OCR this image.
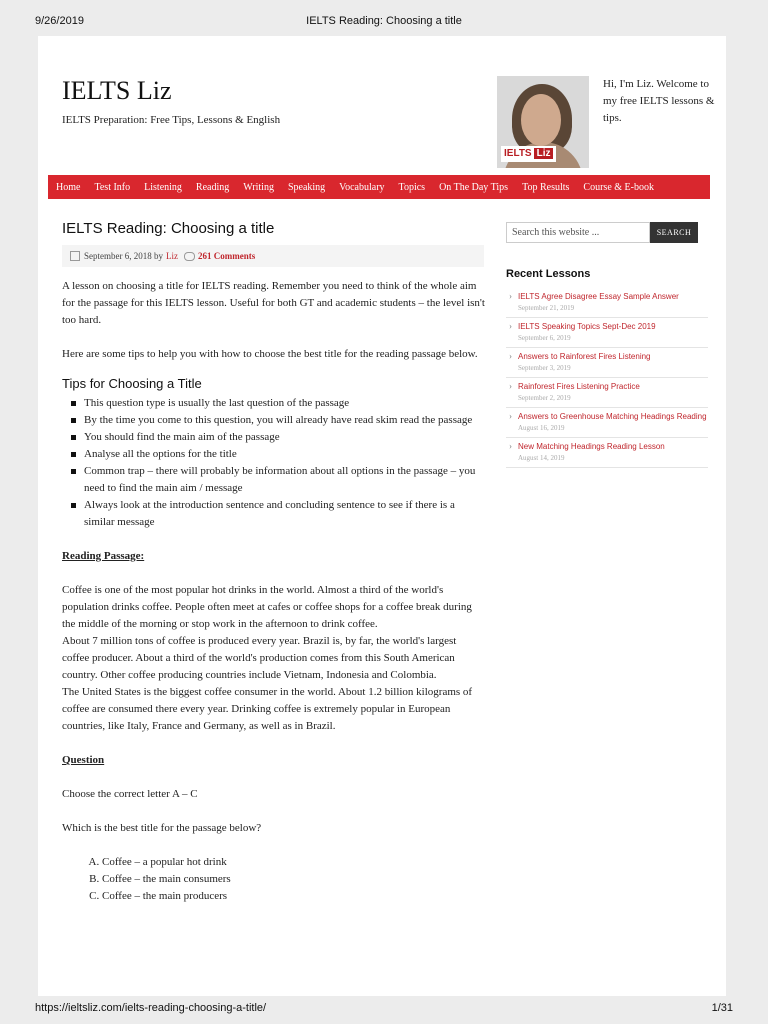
9/26/2019	IELTS Reading: Choosing a title
IELTS Liz
IELTS Preparation: Free Tips, Lessons & English
IELTS Liz
Hi, I'm Liz. Welcome to my free IELTS lessons & tips.
Home	Test Info	Listening	Reading	Writing	Speaking	Vocabulary	Topics	On The Day Tips	Top Results	Course & E-book
IELTS Reading: Choosing a title
September 6, 2018 by Liz 261 Comments

A lesson on choosing a title for IELTS reading. Remember you need to think of the whole aim for the passage for this IELTS lesson. Useful for both GT and academic students – the level isn't too hard.

Here are some tips to help you with how to choose the best title for the reading passage below.

Tips for Choosing a Title
This question type is usually the last question of the passage
By the time you come to this question, you will already have read skim read the passage
You should find the main aim of the passage
Analyse all the options for the title
Common trap – there will probably be information about all options in the passage – you need to find the main aim / message
Always look at the introduction sentence and concluding sentence to see if there is a similar message

Reading Passage:

Coffee is one of the most popular hot drinks in the world. Almost a third of the world's population drinks coffee. People often meet at cafes or coffee shops for a coffee break during the middle of the morning or stop work in the afternoon to drink coffee.

About 7 million tons of coffee is produced every year. Brazil is, by far, the world's largest coffee producer. About a third of the world's production comes from this South American country. Other coffee producing countries include Vietnam, Indonesia and Colombia.

The United States is the biggest coffee consumer in the world. About 1.2 billion kilograms of coffee are consumed there every year. Drinking coffee is extremely popular in European countries, like Italy, France and Germany, as well as in Brazil.

Question

Choose the correct letter A – C

Which is the best title for the passage below?

A. Coffee – a popular hot drink
B. Coffee – the main consumers
C. Coffee – the main producers
Search this website ...	SEARCH
Recent Lessons
› IELTS Agree Disagree Essay Sample Answer
September 21, 2019
› IELTS Speaking Topics Sept-Dec 2019
September 6, 2019
› Answers to Rainforest Fires Listening
September 3, 2019
› Rainforest Fires Listening Practice
September 2, 2019
› Answers to Greenhouse Matching Headings Reading
August 16, 2019
› New Matching Headings Reading Lesson
August 14, 2019
https://ieltsliz.com/ielts-reading-choosing-a-title/	1/31
